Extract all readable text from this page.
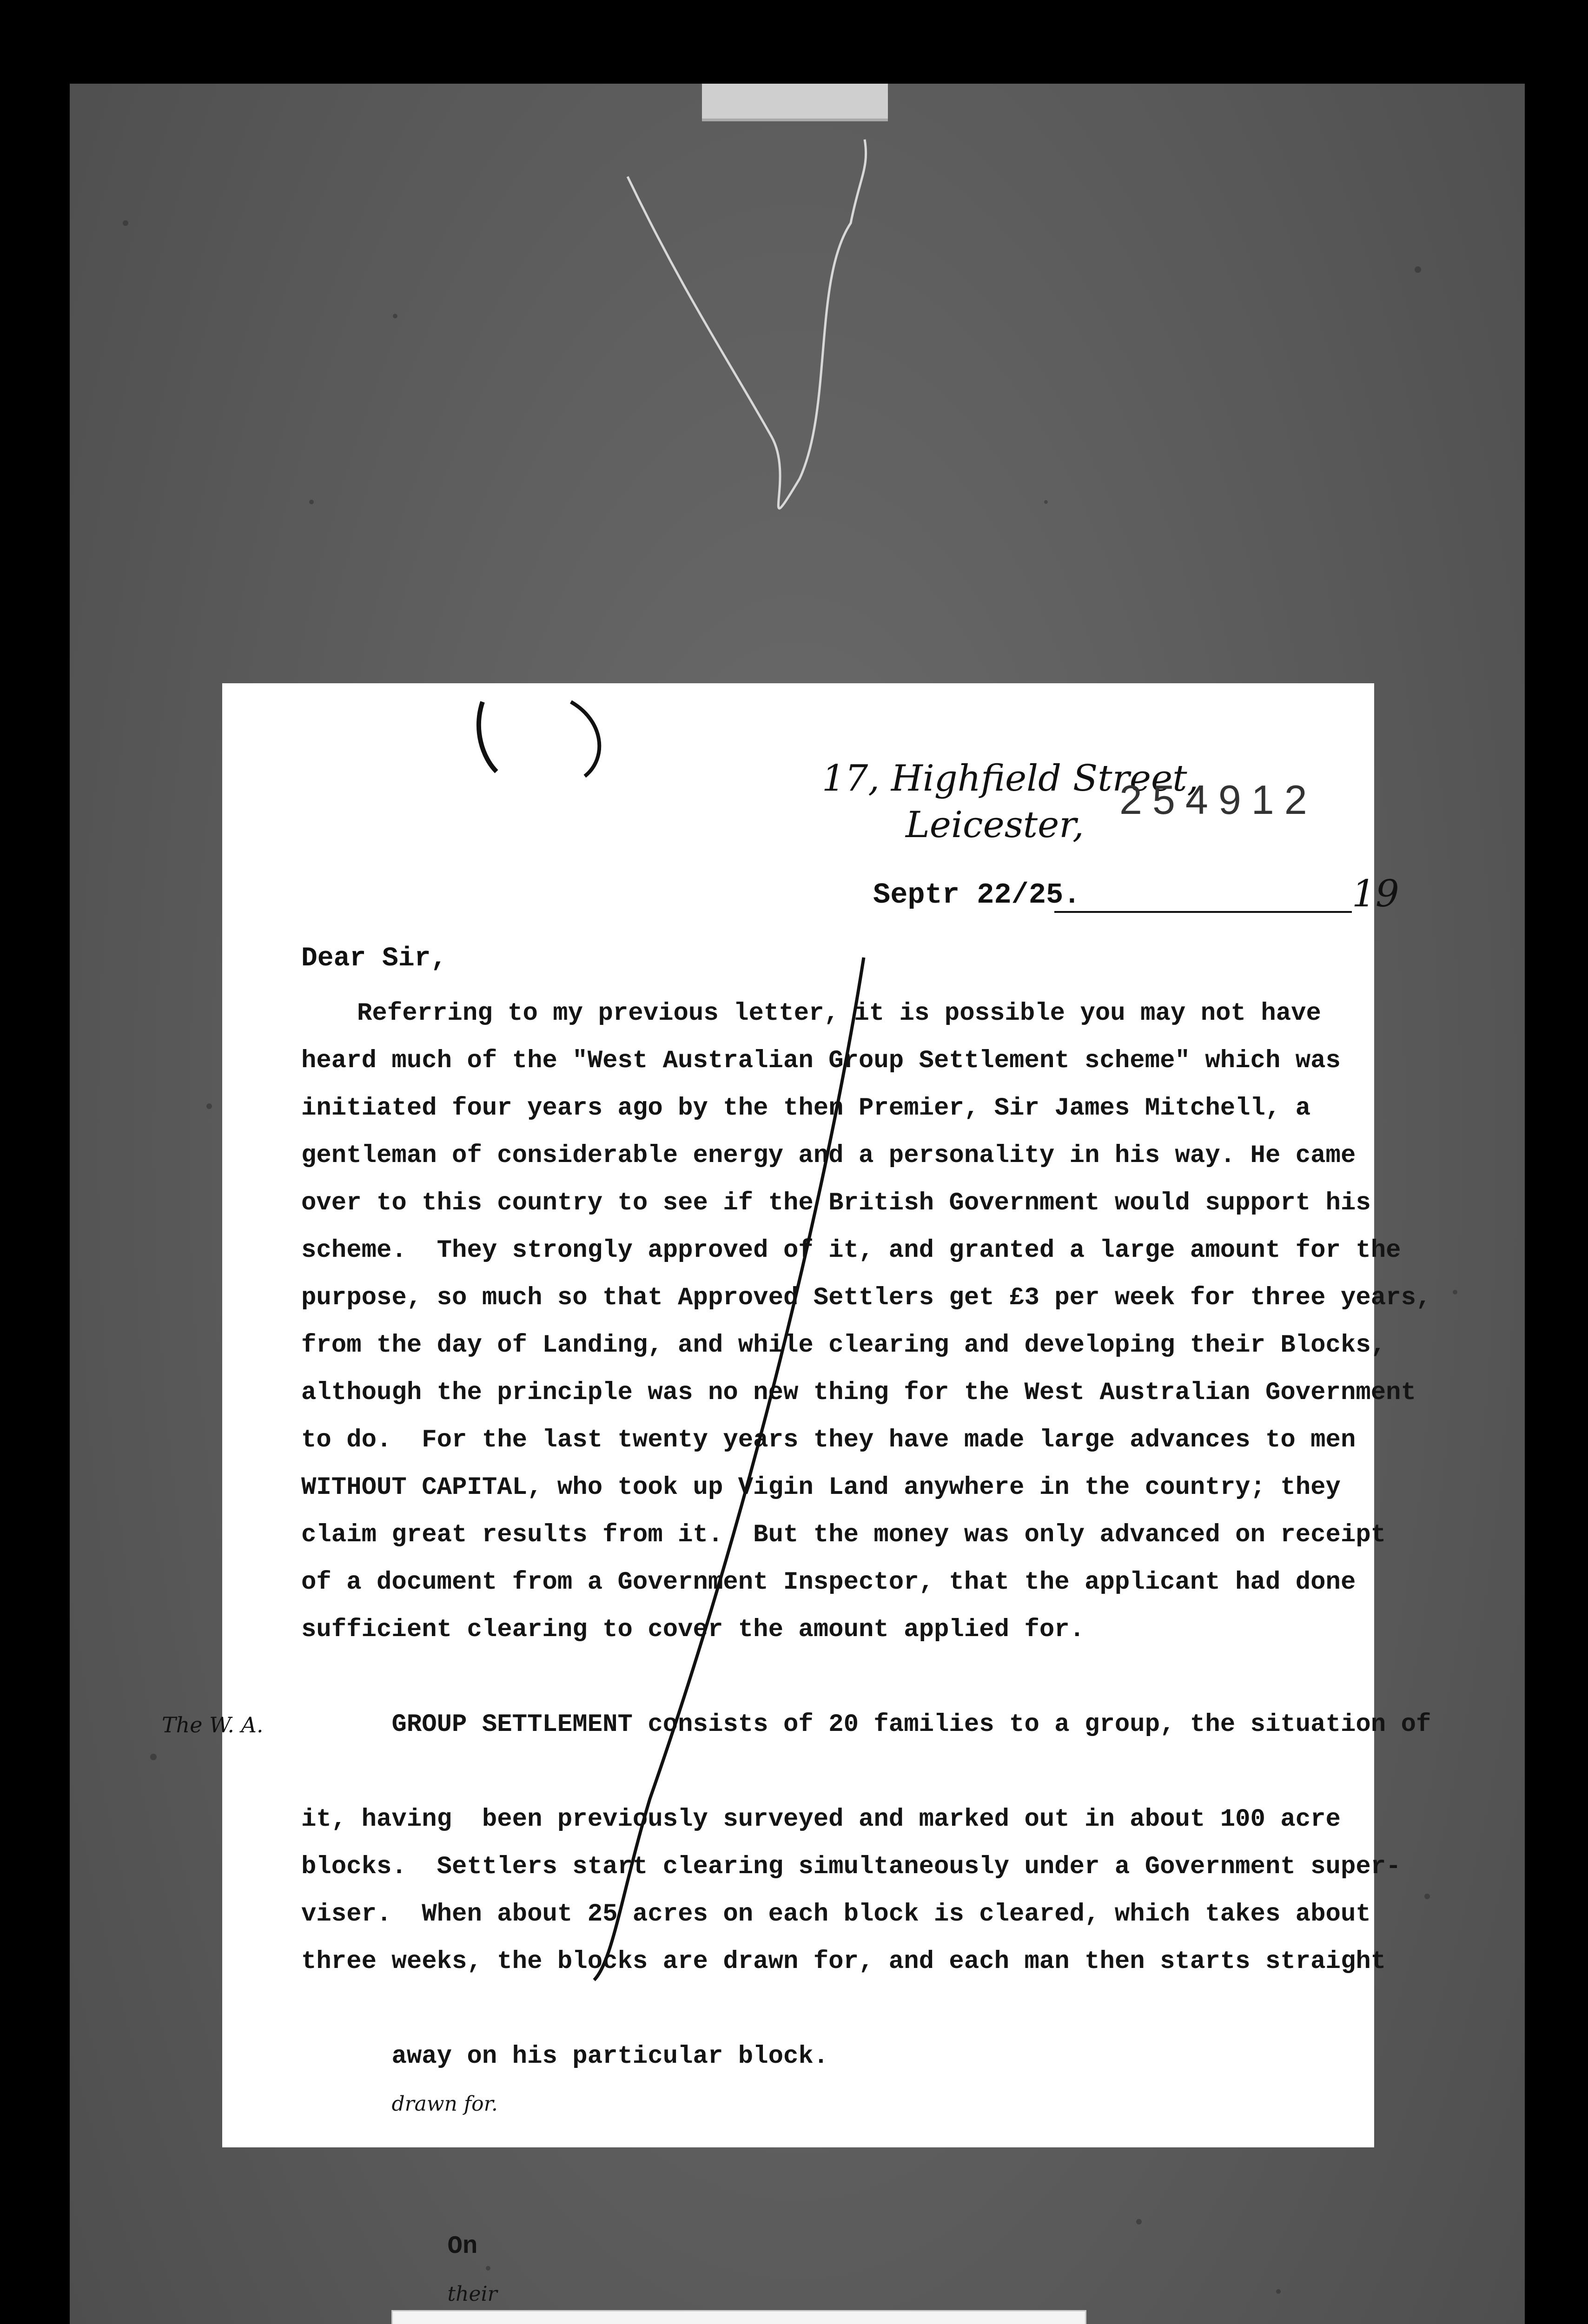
17, Highfield Street,
Leicester,
254912
Septr 22/25.	19
Dear Sir,
Referring to my previous letter, it is possible you may not have
heard much of the "West Australian Group Settlement scheme" which was
initiated four years ago by the then Premier, Sir James Mitchell, a
gentleman of considerable energy and a personality in his way. He came
over to this country to see if the British Government would support his
scheme.  They strongly approved of it, and granted a large amount for the
purpose, so much so that Approved Settlers get £3 per week for three years,
from the day of Landing, and while clearing and developing their Blocks,
although the principle was no new thing for the West Australian Government
to do.  For the last twenty years they have made large advances to men
WITHOUT CAPITAL, who took up Vigin Land anywhere in the country; they
claim great results from it.  But the money was only advanced on receipt
of a document from a Government Inspector, that the applicant had done
sufficient clearing to cover the amount applied for.

The W. A.	GROUP SETTLEMENT consists of 20 families to a group, the situation of

it, having  been previously surveyed and marked out in about 100 acre
blocks.  Settlers start clearing simultaneously under a Government super-
viser.  When about 25 acres on each block is cleared, which takes about
three weeks, the blocks are drawn for, and each man then starts straight

away on his particular block.
drawn for.

On
their
